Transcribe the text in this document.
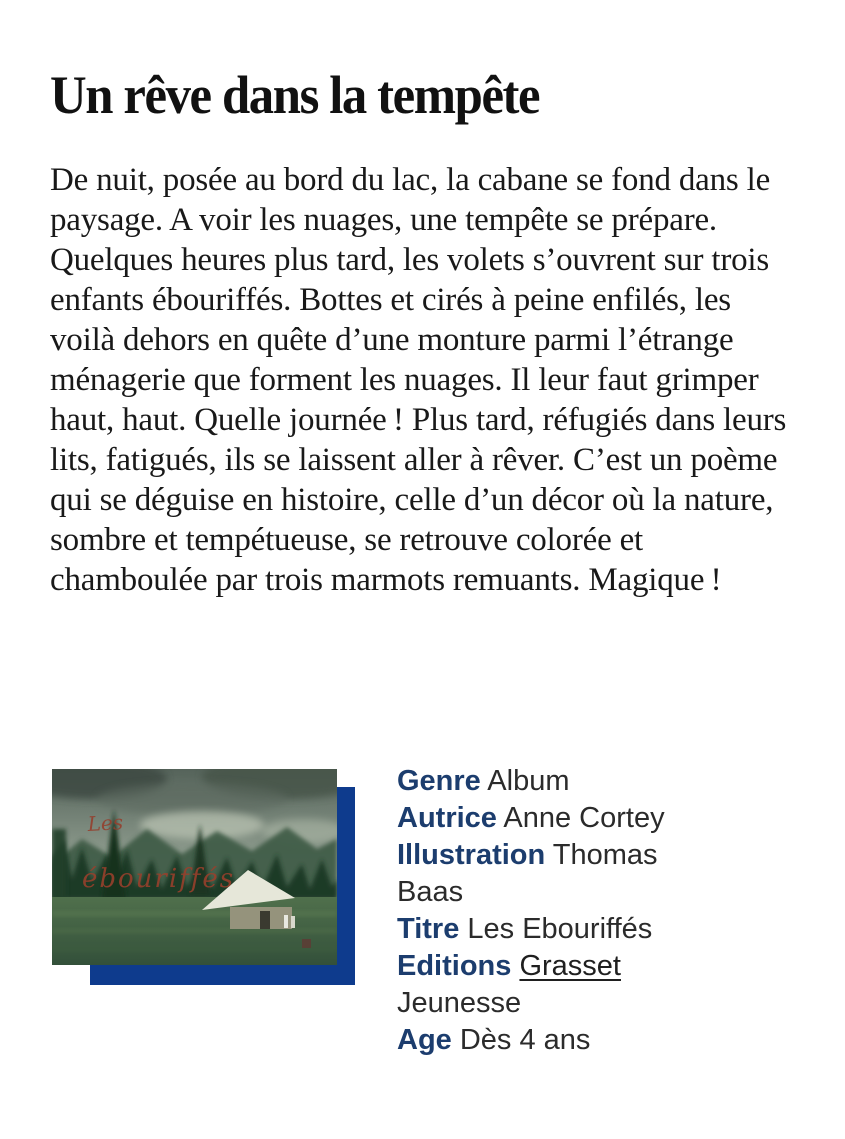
Un rêve dans la tempête

De nuit, posée au bord du lac, la cabane se fond dans le paysage. A voir les nuages, une tempête se prépare. Quelques heures plus tard, les volets s’ouvrent sur trois enfants ébouriffés. Bottes et cirés à peine enfilés, les voilà dehors en quête d’une monture parmi l’étrange ménagerie que forment les nuages. Il leur faut grimper haut, haut. Quelle journée ! Plus tard, réfugiés dans leurs lits, fatigués, ils se laissent aller à rêver. C’est un poème qui se déguise en histoire, celle d’un décor où la nature, sombre et tempétueuse, se retrouve colorée et chamboulée par trois marmots remuants. Magique !

Les
ébouriffés
Genre Album
Autrice Anne Cortey
Illustration Thomas Baas
Titre Les Ebouriffés
Editions Grasset Jeunesse
Age Dès 4 ans
